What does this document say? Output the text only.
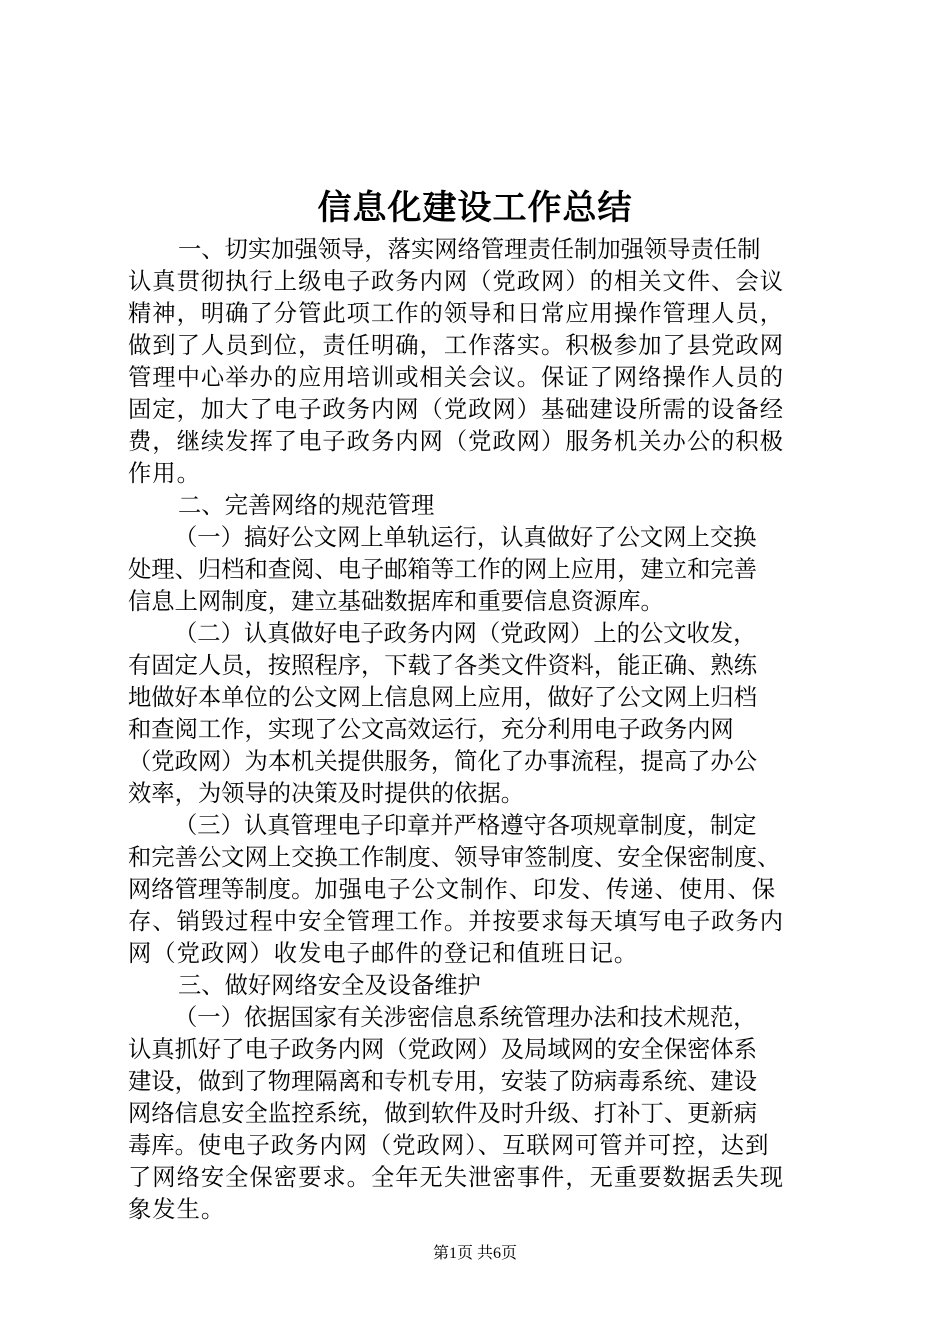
信息化建设工作总结
一、切实加强领导，落实网络管理责任制加强领导责任制
认真贯彻执行上级电子政务内网（党政网）的相关文件、会议
精神，明确了分管此项工作的领导和日常应用操作管理人员，
做到了人员到位，责任明确，工作落实。积极参加了县党政网
管理中心举办的应用培训或相关会议。保证了网络操作人员的
固定，加大了电子政务内网（党政网）基础建设所需的设备经
费，继续发挥了电子政务内网（党政网）服务机关办公的积极
作用。
二、完善网络的规范管理
（一）搞好公文网上单轨运行，认真做好了公文网上交换
处理、归档和查阅、电子邮箱等工作的网上应用，建立和完善
信息上网制度，建立基础数据库和重要信息资源库。
（二）认真做好电子政务内网（党政网）上的公文收发，
有固定人员，按照程序，下载了各类文件资料，能正确、熟练
地做好本单位的公文网上信息网上应用，做好了公文网上归档
和查阅工作，实现了公文高效运行，充分利用电子政务内网
（党政网）为本机关提供服务，简化了办事流程，提高了办公
效率，为领导的决策及时提供的依据。
（三）认真管理电子印章并严格遵守各项规章制度，制定
和完善公文网上交换工作制度、领导审签制度、安全保密制度、
网络管理等制度。加强电子公文制作、印发、传递、使用、保
存、销毁过程中安全管理工作。并按要求每天填写电子政务内
网（党政网）收发电子邮件的登记和值班日记。
三、做好网络安全及设备维护
（一）依据国家有关涉密信息系统管理办法和技术规范，
认真抓好了电子政务内网（党政网）及局域网的安全保密体系
建设，做到了物理隔离和专机专用，安装了防病毒系统、建设
网络信息安全监控系统，做到软件及时升级、打补丁、更新病
毒库。使电子政务内网（党政网）、互联网可管并可控，达到
了网络安全保密要求。全年无失泄密事件，无重要数据丢失现
象发生。
第1页 共6页
